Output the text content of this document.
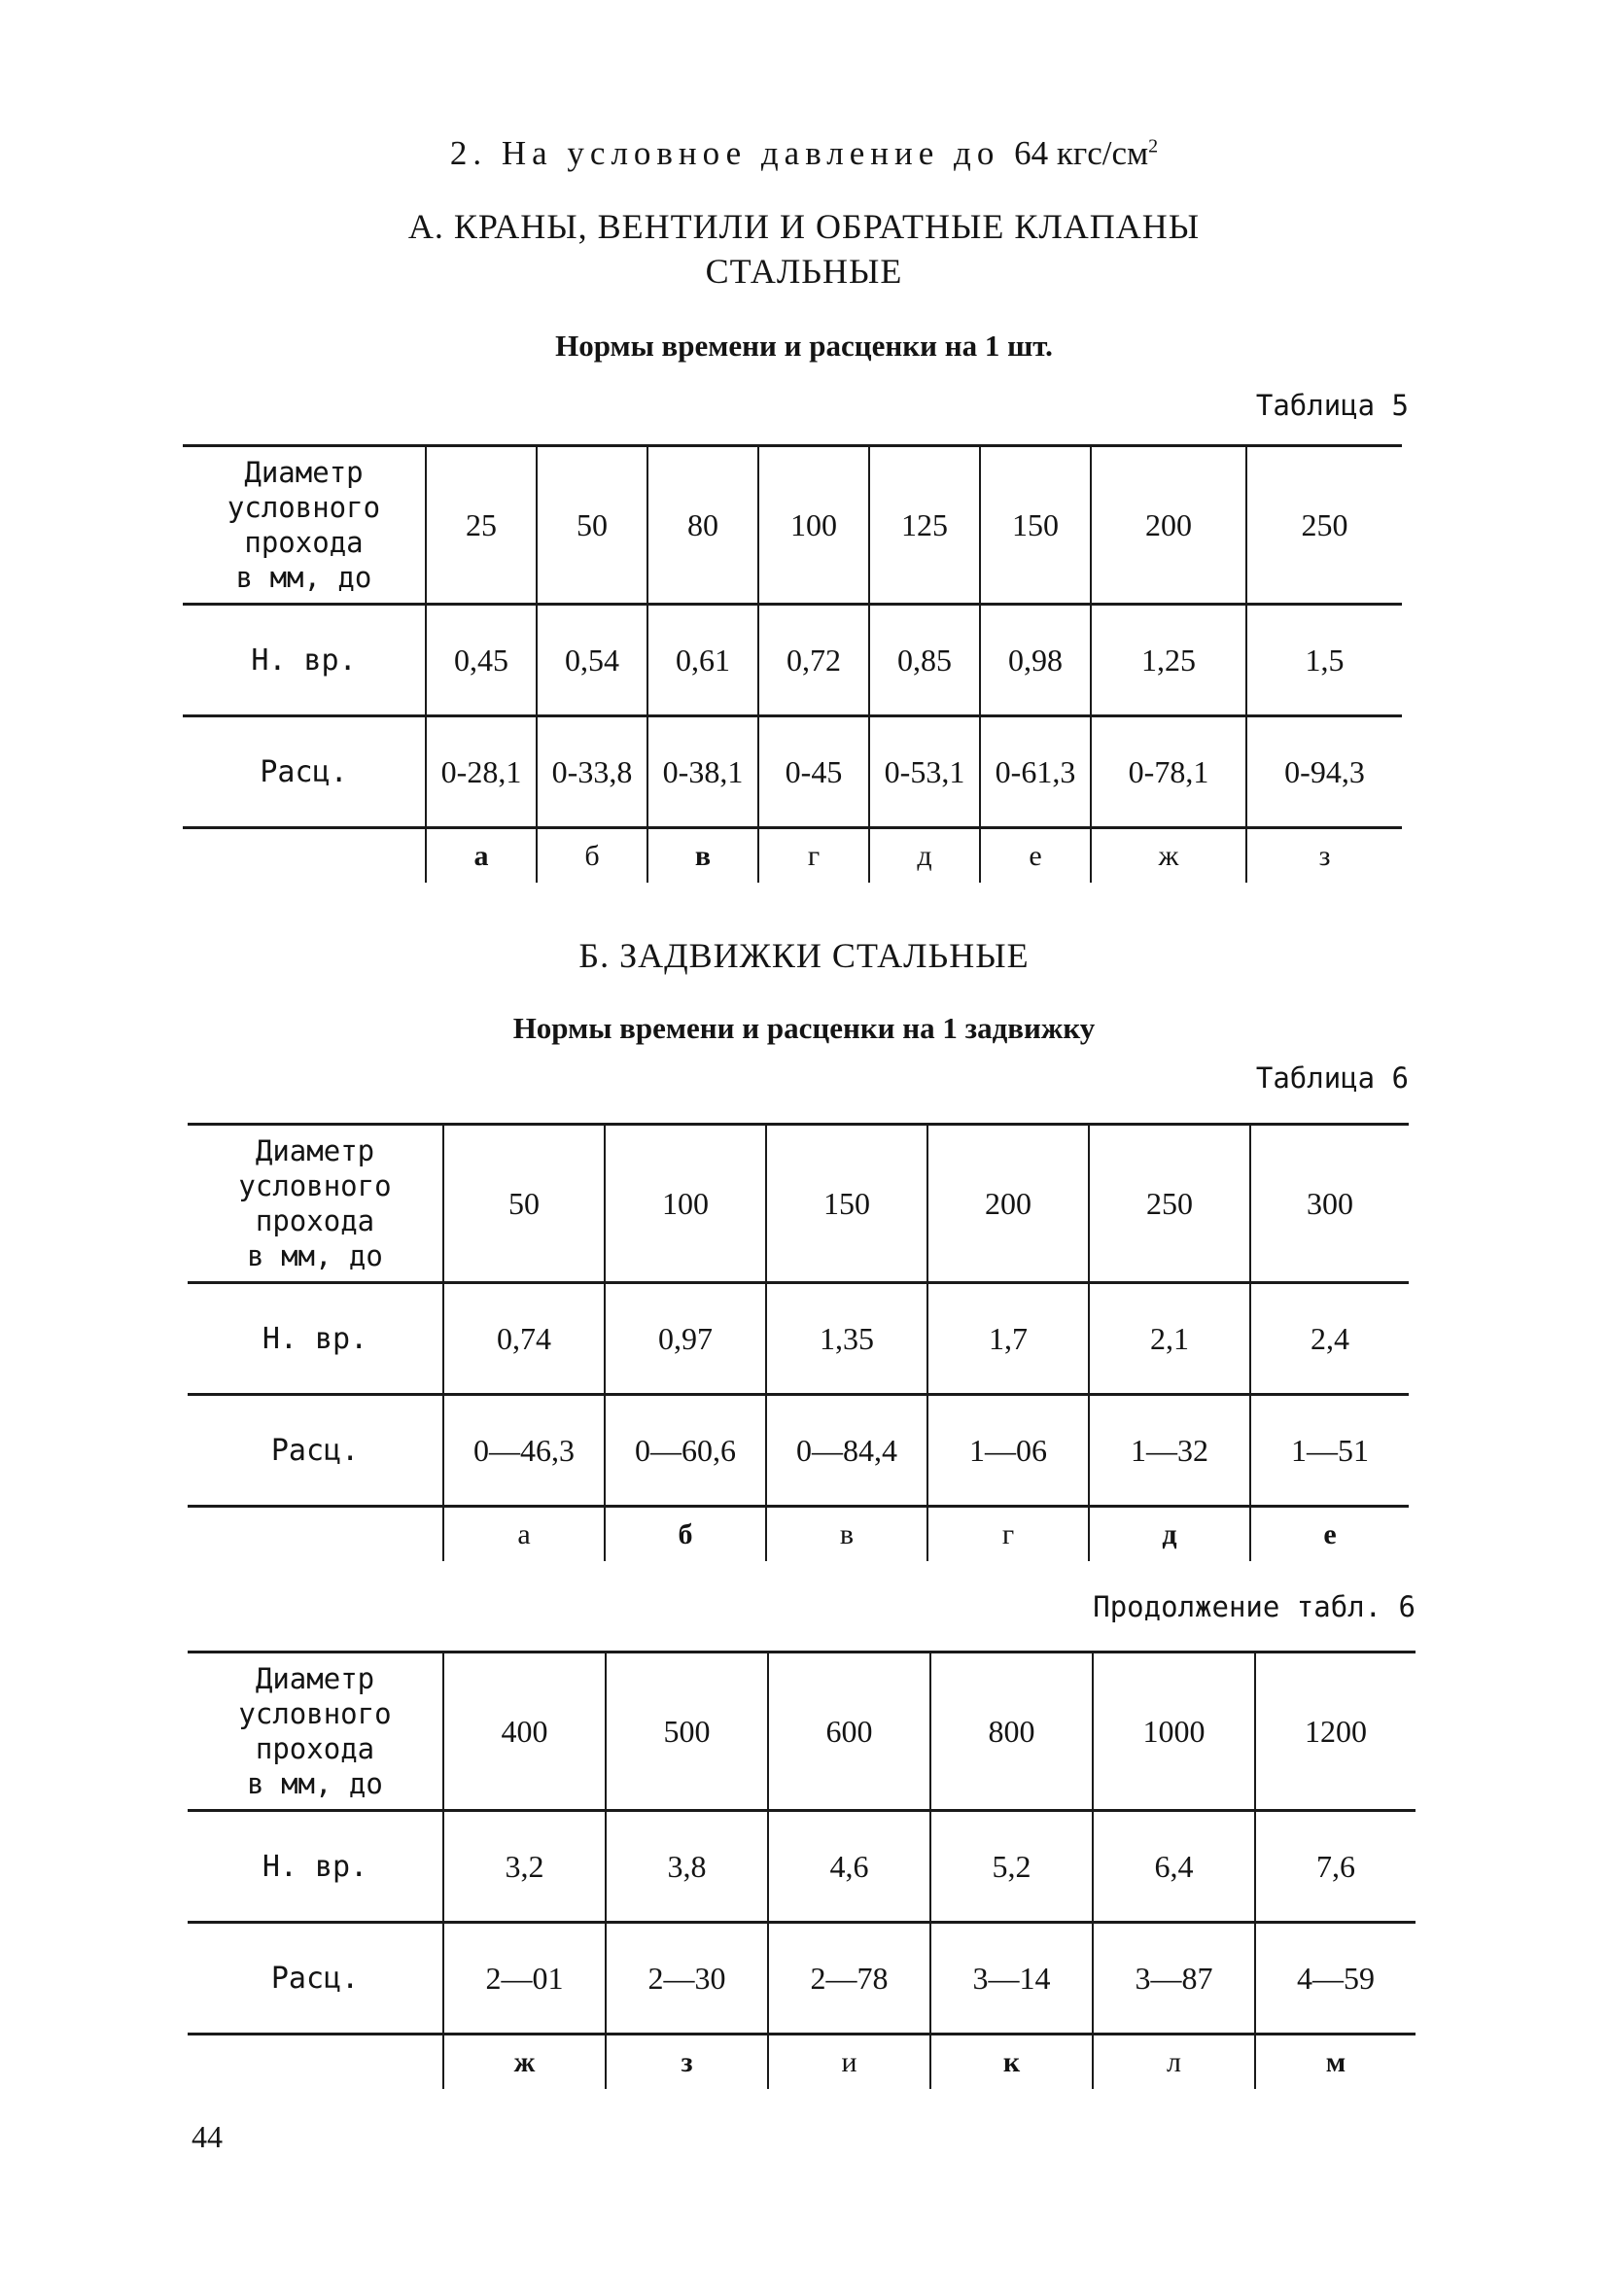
2. На условное давление до 64 кгс/$см^2$
А. КРАНЫ, ВЕНТИЛИ И ОБРАТНЫЕ КЛАПАНЫ
СТАЛЬНЫЕ
Нормы времени и расценки на 1 шт.
Таблица 5
Диаметр
условного
прохода
в мм, до	25	50	80	100	125	150	200	250
Н. вр.	0,45	0,54	0,61	0,72	0,85	0,98	1,25	1,5
Расц.	0-28,1	0-33,8	0-38,1	0-45	0-53,1	0-61,3	0-78,1	0-94,3
	а	б	в	г	д	е	ж	з
Б. ЗАДВИЖКИ СТАЛЬНЫЕ
Нормы времени и расценки на 1 задвижку
Таблица 6
Диаметр
условного
прохода
в мм, до	50	100	150	200	250	300
Н. вр.	0,74	0,97	1,35	1,7	2,1	2,4
Расц.	0—46,3	0—60,6	0—84,4	1—06	1—32	1—51
	а	б	в	г	д	е
Продолжение табл. 6
Диаметр
условного
прохода
в мм, до	400	500	600	800	1000	1200
Н. вр.	3,2	3,8	4,6	5,2	6,4	7,6
Расц.	2—01	2—30	2—78	3—14	3—87	4—59
	ж	з	и	к	л	м
44
